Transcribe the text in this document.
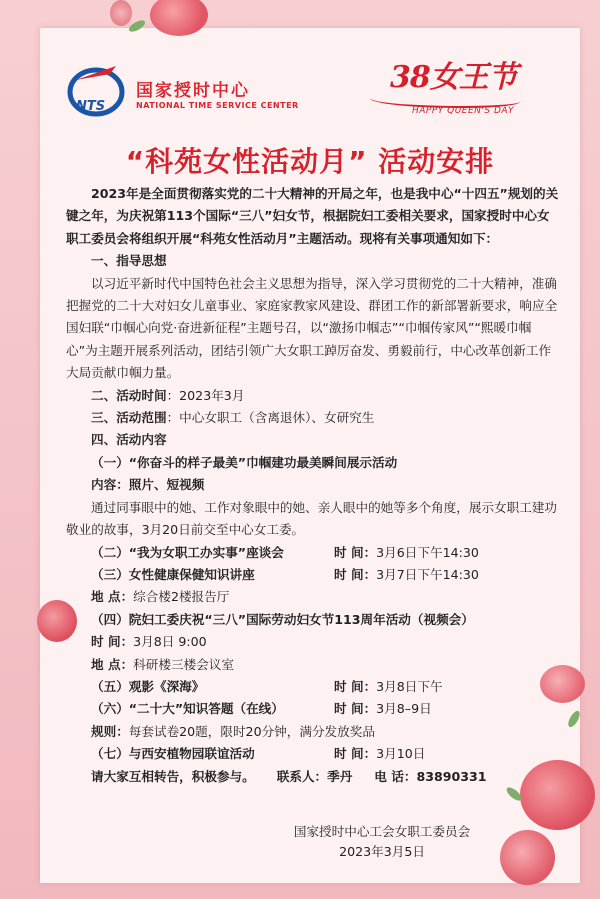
NTS
国家授时中心
NATIONAL TIME SERVICE CENTER
38女王节
HAPPY QUEEN'S DAY
“科苑女性活动月” 活动安排

2023年是全面贯彻落实党的二十大精神的开局之年，也是我中心“十四五”规划的关键之年，为庆祝第113个国际“三八”妇女节，根据院妇工委相关要求，国家授时中心女职工委员会将组织开展“科苑女性活动月”主题活动。现将有关事项通知如下：

一、指导思想

以习近平新时代中国特色社会主义思想为指导，深入学习贯彻党的二十大精神，准确把握党的二十大对妇女儿童事业、家庭家教家风建设、群团工作的新部署新要求，响应全国妇联“巾帼心向党·奋进新征程”主题号召，以“激扬巾帼志”“巾帼传家风”“熙暖巾帼心”为主题开展系列活动，团结引领广大女职工踔厉奋发、勇毅前行，中心改革创新工作大局贡献巾帼力量。

二、活动时间：2023年3月

三、活动范围：中心女职工（含离退休）、女研究生

四、活动内容

（一）“你奋斗的样子最美”巾帼建功最美瞬间展示活动

内容：照片、短视频

通过同事眼中的她、工作对象眼中的她、亲人眼中的她等多个角度，展示女职工建功敬业的故事，3月20日前交至中心女工委。

（二）“我为女职工办实事”座谈会	时 间： 3月6日下午14:30
（三）女性健康保健知识讲座	时 间： 3月7日下午14:30

地 点：综合楼2楼报告厅

（四）院妇工委庆祝“三八”国际劳动妇女节113周年活动（视频会）

时 间：3月8日 9:00

地 点：科研楼三楼会议室

（五）观影《深海》	时 间： 3月8日下午
（六）“二十大”知识答题（在线）	时 间： 3月8–9日

规则：每套试卷20题，限时20分钟，满分发放奖品

（七）与西安植物园联谊活动	时 间： 3月10日

请大家互相转告，积极参与。 联系人：季丹 电 话：83890331

国家授时中心工会女职工委员会
2023年3月5日
